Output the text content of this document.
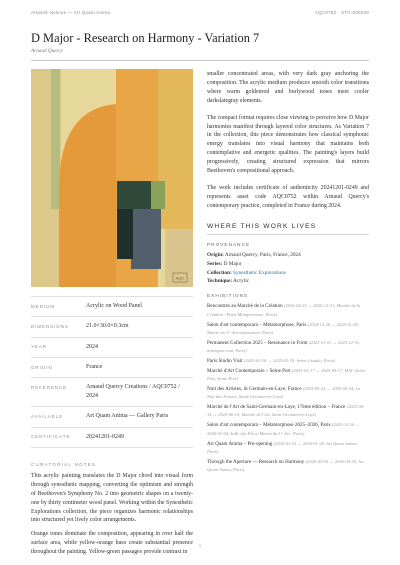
Artwork Notices — Art Quam Anima	AQC0752 · STC-000249
D Major - Research on Harmony - Variation 7
Arnaud Quercy
AQC
MEDIUM	Acrylic on Wood Panel
DIMENSIONS	21.0×30.0×0.3cm
YEAR	2024
ORIGIN	France
REFERENCE	Arnaud Quercy Creations / AQC0752 / 2024
AVAILABLE	Art Quam Anima — Gallery Paris
CERTIFICATE	20241201-0249
CURATORIAL NOTES

This acrylic painting translates the D Major chord into visual form through synesthetic mapping, converting the optimism and strength of Beethoven's Symphony No. 2 into geometric shapes on a twenty-one by thirty centimeter wood panel. Working within the Synesthetic Explorations collection, the piece organizes harmonic relationships into structured yet lively color arrangements.

Orange tones dominate the composition, appearing in over half the surface area, while yellow-orange hues create substantial presence throughout the painting. Yellow-green passages provide contrast in

smaller concentrated areas, with very dark gray anchoring the composition. The acrylic medium produces smooth color transitions where warm goldenrod and burlywood tones meet cooler darkslategray elements.

The compact format requires close viewing to perceive how D Major harmonies manifest through layered color structures. As Variation 7 in the collection, this piece demonstrates how classical symphonic energy translates into visual harmony that maintains both contemplative and energetic qualities. The painting's layers build progressively, creating structured expression that mirrors Beethoven's compositional approach.

The work includes certificate of authenticity 20241201-0249 and represents asset code AQC0752 within Arnaud Quercy's contemporary practice, completed in France during 2024.

WHERE THIS WORK LIVES
PROVENANCE
Origin: Arnaud Quercy, Paris, France, 2024
Series: D Major
Collection: Synesthetic Explorations
Technique: Acrylic
EXHIBITIONS
Rencontres au Marché de la Création (2026-04-23 → 2026-12-31, Marché de la Création - Paris Montparnasse, Paris)
Salon d'art contemporain – Métamorphose, Paris (2024-12-26 → 2025-01-05, Mairie du 1ᵉʳ Arrondissement, Paris)
Permanent Collection 2025 – Resonance in Form (2025-01-01 → 2025-12-31, artmajeur.com, Paris)
Paris Studio Visit (2025-02-18 → 2025-02-18, Artist's Studio, Paris)
Marché d'Art Contemporain – Seine Port (2025-05-17 → 2025-05-17, MAC Seine-Port, Seine-Port)
Nuit des Artistes, St Germain-en-Laye, France (2025-05-24 → 2025-05-24, La Nuit des Artistes, Saint-Germain-en-Laye)
Marché de l'Art de Saint-Germain-en-Laye, 17ème édition – France (2025-06-14 → 2025-06-15, Marché de l'Art, Saint-Germain-en-Laye)
Salon d'art contemporain – Métamorphose 2025–2026, Paris (2025-12-26 → 2026-01-04, Salle des Fêtes, Mairie du 1ᵉʳ Arr., Paris)
Art Quam Anima – Pre-opening (2026-01-15 → 2026-01-29, Art Quam Anima, Paris)
Through the Aperture — Research on Harmony (2026-03-05 → 2026-04-30, Art Quam Anima, Paris)
1
